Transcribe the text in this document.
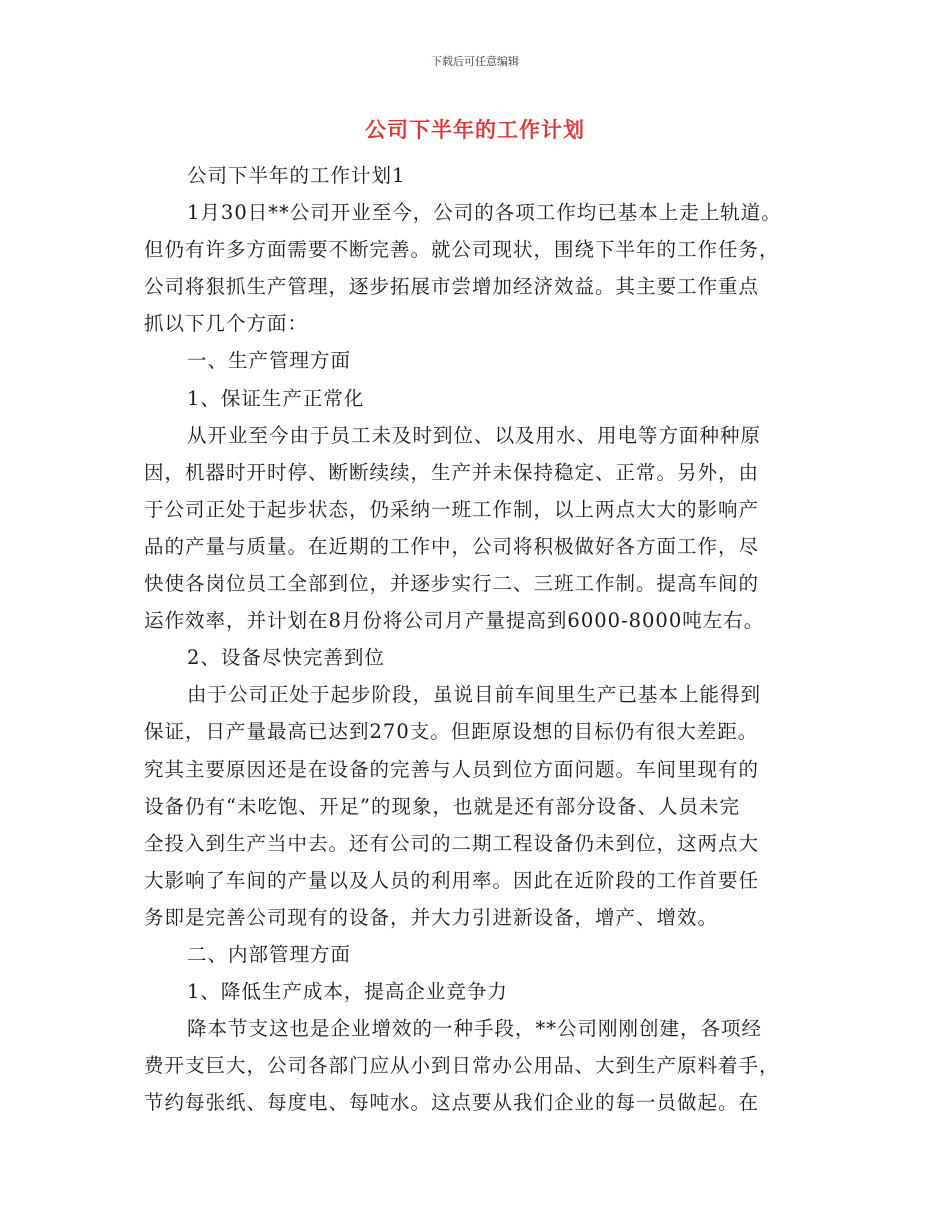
下载后可任意编辑
公司下半年的工作计划
公司下半年的工作计划1
1月30日**公司开业至今，公司的各项工作均已基本上走上轨道。
但仍有许多方面需要不断完善。就公司现状，围绕下半年的工作任务，
公司将狠抓生产管理，逐步拓展市尝增加经济效益。其主要工作重点
抓以下几个方面：
一、生产管理方面
1、保证生产正常化
从开业至今由于员工未及时到位、以及用水、用电等方面种种原
因，机器时开时停、断断续续，生产并未保持稳定、正常。另外，由
于公司正处于起步状态，仍采纳一班工作制，以上两点大大的影响产
品的产量与质量。在近期的工作中，公司将积极做好各方面工作，尽
快使各岗位员工全部到位，并逐步实行二、三班工作制。提高车间的
运作效率，并计划在8月份将公司月产量提高到6000-8000吨左右。
2、设备尽快完善到位
由于公司正处于起步阶段，虽说目前车间里生产已基本上能得到
保证，日产量最高已达到270支。但距原设想的目标仍有很大差距。
究其主要原因还是在设备的完善与人员到位方面问题。车间里现有的
设备仍有“未吃饱、开足”的现象，也就是还有部分设备、人员未完
全投入到生产当中去。还有公司的二期工程设备仍未到位，这两点大
大影响了车间的产量以及人员的利用率。因此在近阶段的工作首要任
务即是完善公司现有的设备，并大力引进新设备，增产、增效。
二、内部管理方面
1、降低生产成本，提高企业竞争力
降本节支这也是企业增效的一种手段，**公司刚刚创建，各项经
费开支巨大，公司各部门应从小到日常办公用品、大到生产原料着手，
节约每张纸、每度电、每吨水。这点要从我们企业的每一员做起。在
